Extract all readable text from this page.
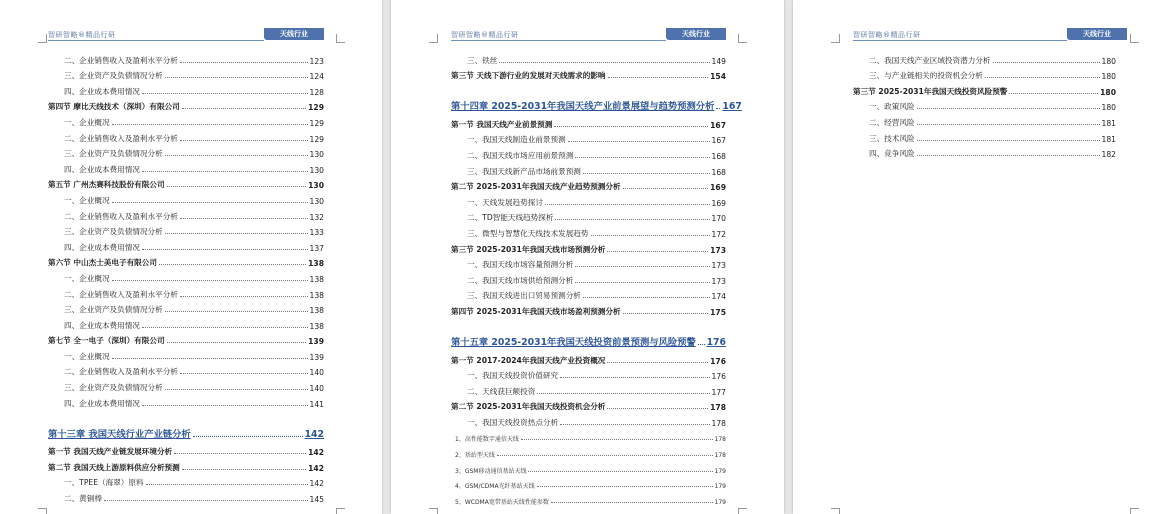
智研智略®精品行研	天线行业
二、企业销售收入及盈利水平分析	123
三、企业资产及负债情况分析	124
四、企业成本费用情况	128
第四节 摩比天线技术（深圳）有限公司	129
一、企业概况	129
二、企业销售收入及盈利水平分析	129
三、企业资产及负债情况分析	130
四、企业成本费用情况	130
第五节 广州杰赛科技股份有限公司	130
一、企业概况	130
二、企业销售收入及盈利水平分析	132
三、企业资产及负债情况分析	133
四、企业成本费用情况	137
第六节 中山杰士美电子有限公司	138
一、企业概况	138
二、企业销售收入及盈利水平分析	138
三、企业资产及负债情况分析	138
四、企业成本费用情况	138
第七节 全一电子（深圳）有限公司	139
一、企业概况	139
二、企业销售收入及盈利水平分析	140
三、企业资产及负债情况分析	140
四、企业成本费用情况	141
第十三章 我国天线行业产业链分析	142
第一节 我国天线产业链发展环境分析	142
第二节 我国天线上游原料供应分析预测	142
一、TPEE（海翠）原料	142
二、黄铜棒	145
智研智略®精品行研	天线行业
三、铁丝	149
第三节 天线下游行业的发展对天线需求的影响	154
第十四章 2025-2031年我国天线产业前景展望与趋势预测分析 167
第一节 我国天线产业前景预测	167
一、我国天线制造业前景预测	167
二、我国天线市场应用前景预测	168
三、我国天线新产品市场前景预测	168
第二节 2025-2031年我国天线产业趋势预测分析	169
一、天线发展趋势探讨	169
二、TD智能天线趋势探析	170
三、微型与智慧化天线技术发展趋势	172
第三节 2025-2031年我国天线市场预测分析	173
一、我国天线市场容量预测分析	173
二、我国天线市场供给预测分析	173
三、我国天线进出口贸易预测分析	174
第四节 2025-2031年我国天线市场盈利预测分析	175
第十五章 2025-2031年我国天线投资前景预测与风险预警 176
第一节 2017-2024年我国天线产业投资概况	176
一、我国天线投资价值研究	176
二、天线获巨额投资	177
第二节 2025-2031年我国天线投资机会分析	178
一、我国天线投资热点分析	178
1、高性能数字通信天线	178
2、基站型天线	178
3、GSM移动通信基站天线	179
4、GSM/CDMA光纤基站天线	179
5、WCDMA宽带基站天线性能参数	179
智研智略®精品行研	天线行业
二、我国天线产业区域投资潜力分析	180
三、与产业链相关的投资机会分析	180
第三节 2025-2031年我国天线投资风险预警	180
一、政策风险	180
二、经营风险	181
三、技术风险	181
四、竞争风险	182
